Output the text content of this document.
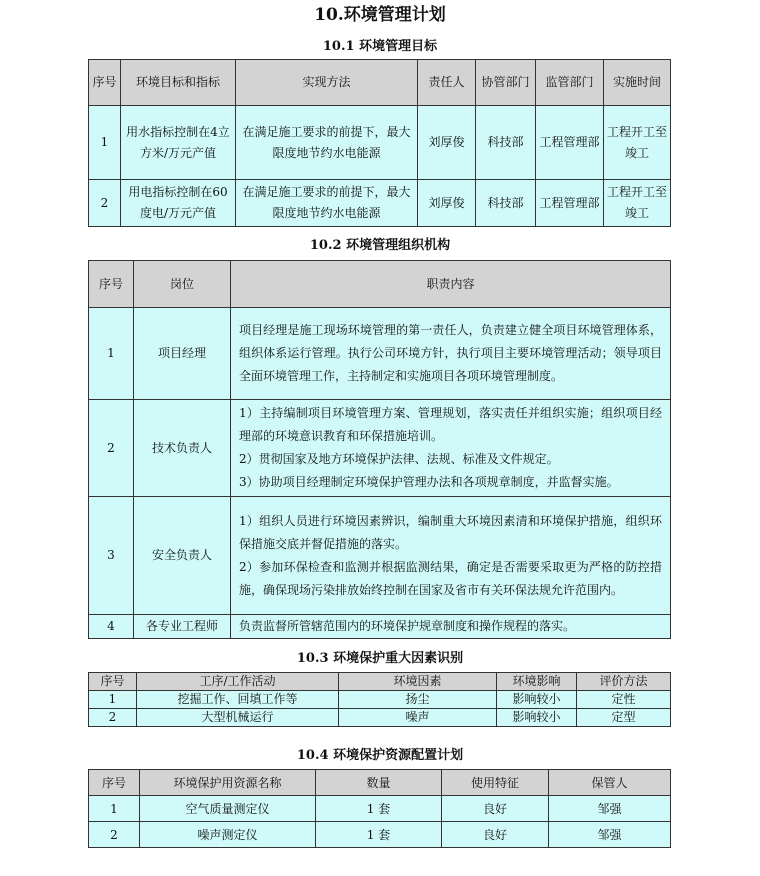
10.环境管理计划
10.1 环境管理目标
序号	环境目标和指标	实现方法	责任人	协管部门	监管部门	实施时间
1	用水指标控制在4立方米/万元产值	在满足施工要求的前提下，最大限度地节约水电能源	刘厚俊	科技部	工程管理部	工程开工至竣工
2	用电指标控制在60度电/万元产值	在满足施工要求的前提下，最大限度地节约水电能源	刘厚俊	科技部	工程管理部	工程开工至竣工
10.2 环境管理组织机构
序号	岗位	职责内容
1	项目经理	项目经理是施工现场环境管理的第一责任人，负责建立健全项目环境管理体系，组织体系运行管理。执行公司环境方针，执行项目主要环境管理活动；领导项目全面环境管理工作，主持制定和实施项目各项环境管理制度。

2	技术负责人	1）主持编制项目环境管理方案、管理规划，落实责任并组织实施；组织项目经理部的环境意识教育和环保措施培训。

2）贯彻国家及地方环境保护法律、法规、标准及文件规定。

3）协助项目经理制定环境保护管理办法和各项规章制度，并监督实施。

3	安全负责人	1）组织人员进行环境因素辨识，编制重大环境因素清和环境保护措施，组织环保措施交底并督促措施的落实。

2）参加环保检查和监测并根据监测结果，确定是否需要采取更为严格的防控措施，确保现场污染排放始终控制在国家及省市有关环保法规允许范围内。

4	各专业工程师	负责监督所管辖范围内的环境保护规章制度和操作规程的落实。

10.3 环境保护重大因素识别
序号	工序/工作活动	环境因素	环境影响	评价方法
1	挖掘工作、回填工作等	扬尘	影响较小	定性
2	大型机械运行	噪声	影响较小	定型
10.4 环境保护资源配置计划
序号	环境保护用资源名称	数量	使用特征	保管人
1	空气质量测定仪	1 套	良好	邹强
2	噪声测定仪	1 套	良好	邹强
